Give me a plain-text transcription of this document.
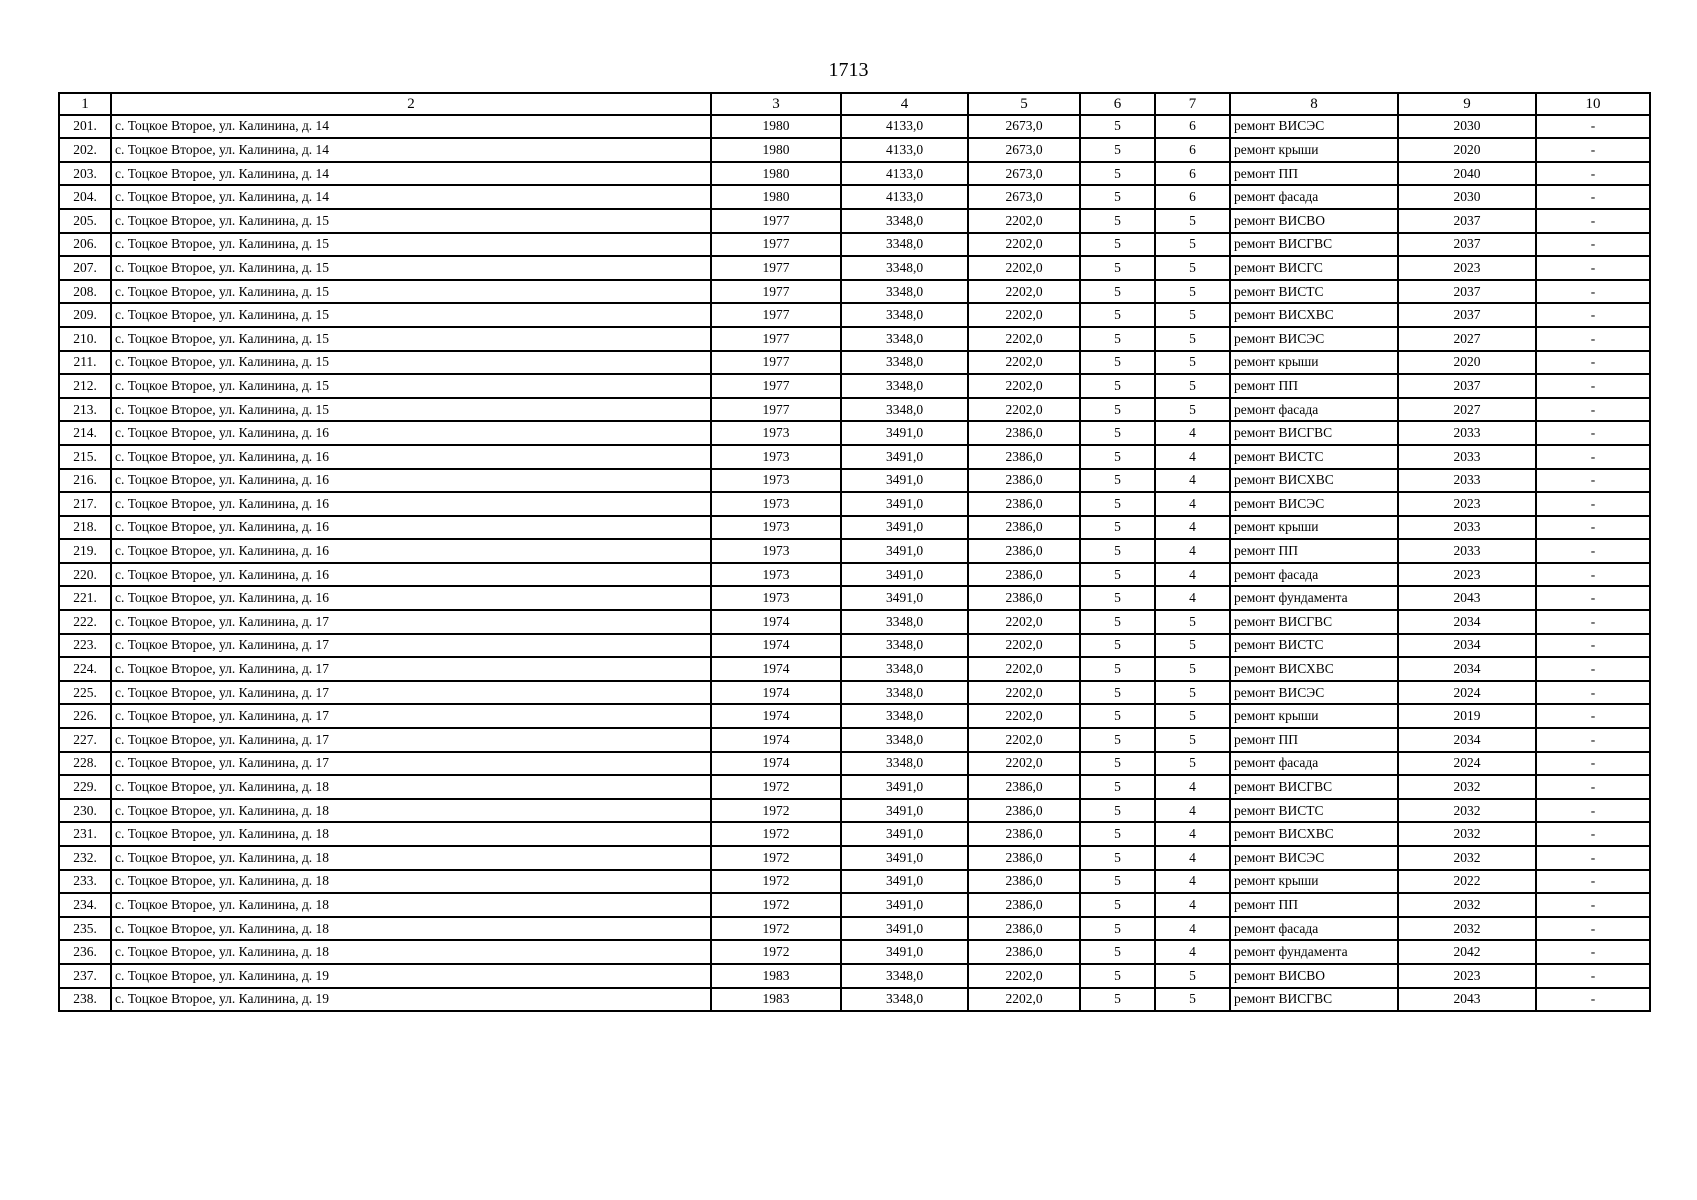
1713
1	2	3	4	5	6	7	8	9	10
201.	с. Тоцкое Второе, ул. Калинина, д. 14	1980	4133,0	2673,0	5	6	ремонт ВИСЭС	2030	-
202.	с. Тоцкое Второе, ул. Калинина, д. 14	1980	4133,0	2673,0	5	6	ремонт крыши	2020	-
203.	с. Тоцкое Второе, ул. Калинина, д. 14	1980	4133,0	2673,0	5	6	ремонт ПП	2040	-
204.	с. Тоцкое Второе, ул. Калинина, д. 14	1980	4133,0	2673,0	5	6	ремонт фасада	2030	-
205.	с. Тоцкое Второе, ул. Калинина, д. 15	1977	3348,0	2202,0	5	5	ремонт ВИСВО	2037	-
206.	с. Тоцкое Второе, ул. Калинина, д. 15	1977	3348,0	2202,0	5	5	ремонт ВИСГВС	2037	-
207.	с. Тоцкое Второе, ул. Калинина, д. 15	1977	3348,0	2202,0	5	5	ремонт ВИСГС	2023	-
208.	с. Тоцкое Второе, ул. Калинина, д. 15	1977	3348,0	2202,0	5	5	ремонт ВИСТС	2037	-
209.	с. Тоцкое Второе, ул. Калинина, д. 15	1977	3348,0	2202,0	5	5	ремонт ВИСХВС	2037	-
210.	с. Тоцкое Второе, ул. Калинина, д. 15	1977	3348,0	2202,0	5	5	ремонт ВИСЭС	2027	-
211.	с. Тоцкое Второе, ул. Калинина, д. 15	1977	3348,0	2202,0	5	5	ремонт крыши	2020	-
212.	с. Тоцкое Второе, ул. Калинина, д. 15	1977	3348,0	2202,0	5	5	ремонт ПП	2037	-
213.	с. Тоцкое Второе, ул. Калинина, д. 15	1977	3348,0	2202,0	5	5	ремонт фасада	2027	-
214.	с. Тоцкое Второе, ул. Калинина, д. 16	1973	3491,0	2386,0	5	4	ремонт ВИСГВС	2033	-
215.	с. Тоцкое Второе, ул. Калинина, д. 16	1973	3491,0	2386,0	5	4	ремонт ВИСТС	2033	-
216.	с. Тоцкое Второе, ул. Калинина, д. 16	1973	3491,0	2386,0	5	4	ремонт ВИСХВС	2033	-
217.	с. Тоцкое Второе, ул. Калинина, д. 16	1973	3491,0	2386,0	5	4	ремонт ВИСЭС	2023	-
218.	с. Тоцкое Второе, ул. Калинина, д. 16	1973	3491,0	2386,0	5	4	ремонт крыши	2033	-
219.	с. Тоцкое Второе, ул. Калинина, д. 16	1973	3491,0	2386,0	5	4	ремонт ПП	2033	-
220.	с. Тоцкое Второе, ул. Калинина, д. 16	1973	3491,0	2386,0	5	4	ремонт фасада	2023	-
221.	с. Тоцкое Второе, ул. Калинина, д. 16	1973	3491,0	2386,0	5	4	ремонт фундамента	2043	-
222.	с. Тоцкое Второе, ул. Калинина, д. 17	1974	3348,0	2202,0	5	5	ремонт ВИСГВС	2034	-
223.	с. Тоцкое Второе, ул. Калинина, д. 17	1974	3348,0	2202,0	5	5	ремонт ВИСТС	2034	-
224.	с. Тоцкое Второе, ул. Калинина, д. 17	1974	3348,0	2202,0	5	5	ремонт ВИСХВС	2034	-
225.	с. Тоцкое Второе, ул. Калинина, д. 17	1974	3348,0	2202,0	5	5	ремонт ВИСЭС	2024	-
226.	с. Тоцкое Второе, ул. Калинина, д. 17	1974	3348,0	2202,0	5	5	ремонт крыши	2019	-
227.	с. Тоцкое Второе, ул. Калинина, д. 17	1974	3348,0	2202,0	5	5	ремонт ПП	2034	-
228.	с. Тоцкое Второе, ул. Калинина, д. 17	1974	3348,0	2202,0	5	5	ремонт фасада	2024	-
229.	с. Тоцкое Второе, ул. Калинина, д. 18	1972	3491,0	2386,0	5	4	ремонт ВИСГВС	2032	-
230.	с. Тоцкое Второе, ул. Калинина, д. 18	1972	3491,0	2386,0	5	4	ремонт ВИСТС	2032	-
231.	с. Тоцкое Второе, ул. Калинина, д. 18	1972	3491,0	2386,0	5	4	ремонт ВИСХВС	2032	-
232.	с. Тоцкое Второе, ул. Калинина, д. 18	1972	3491,0	2386,0	5	4	ремонт ВИСЭС	2032	-
233.	с. Тоцкое Второе, ул. Калинина, д. 18	1972	3491,0	2386,0	5	4	ремонт крыши	2022	-
234.	с. Тоцкое Второе, ул. Калинина, д. 18	1972	3491,0	2386,0	5	4	ремонт ПП	2032	-
235.	с. Тоцкое Второе, ул. Калинина, д. 18	1972	3491,0	2386,0	5	4	ремонт фасада	2032	-
236.	с. Тоцкое Второе, ул. Калинина, д. 18	1972	3491,0	2386,0	5	4	ремонт фундамента	2042	-
237.	с. Тоцкое Второе, ул. Калинина, д. 19	1983	3348,0	2202,0	5	5	ремонт ВИСВО	2023	-
238.	с. Тоцкое Второе, ул. Калинина, д. 19	1983	3348,0	2202,0	5	5	ремонт ВИСГВС	2043	-
